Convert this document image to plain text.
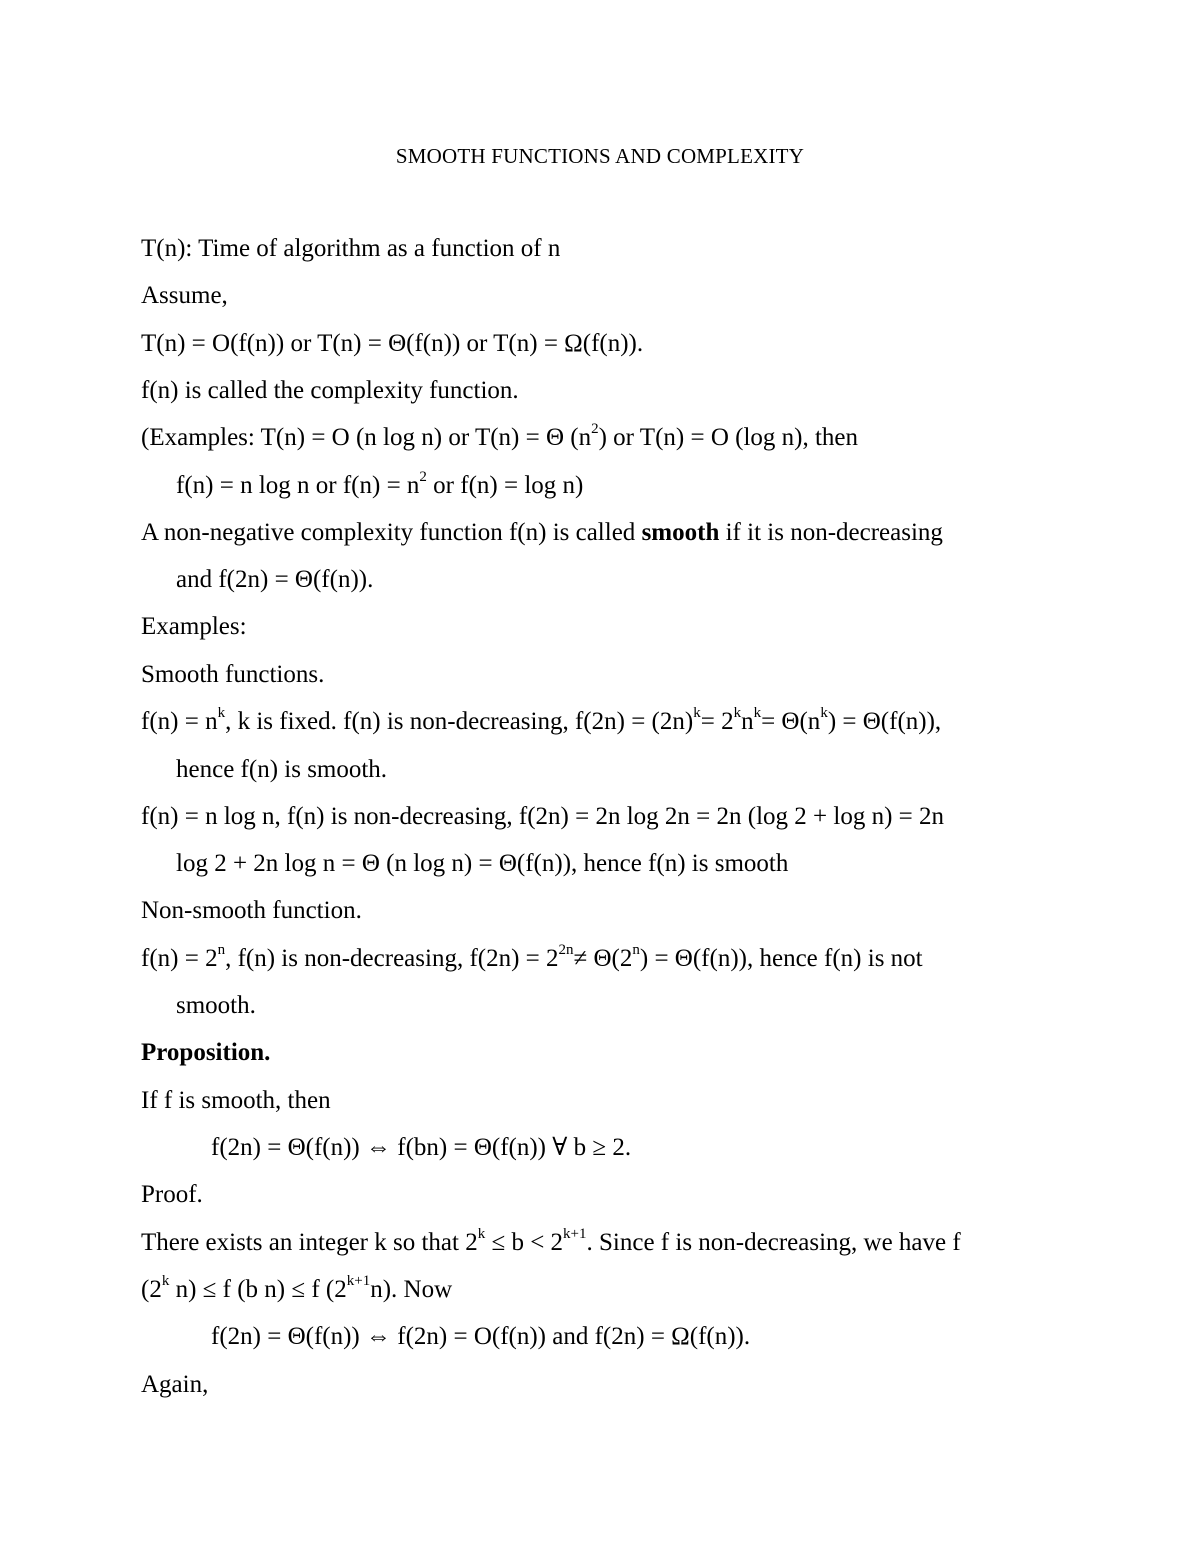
SMOOTH FUNCTIONS AND COMPLEXITY
T(n): Time of algorithm as a function of n
Assume,
T(n) = O(f(n)) or T(n) = Θ(f(n)) or T(n) = Ω(f(n)).
f(n) is called the complexity function.
(Examples: T(n) = O (n log n) or T(n) = Θ $(n^2)$ or T(n) = O (log n), then
f(n) = n log n or $f(n) = n^2$ or f(n) = log n)
A non-negative complexity function f(n) is called smooth if it is non-decreasing
and f(2n) = Θ(f(n)).
Examples:
Smooth functions.
$f(n) = n^k$, k is fixed. f(n) is non-decreasing, $f(2n) = (2n)^k= 2^kn^k= \Theta(n^k) = \Theta(f(n))$,
hence f(n) is smooth.
f(n) = n log n, f(n) is non-decreasing, f(2n) = 2n log 2n = 2n (log 2 + log n) = 2n
log 2 + 2n log n = Θ (n log n) = Θ(f(n)), hence f(n) is smooth
Non-smooth function.
$f(n) = 2^n$, f(n) is non-decreasing, $f(2n) = 2^{2n}\ne \Theta(2^n) = \Theta(f(n))$, hence f(n) is not
smooth.
Proposition.
If f is smooth, then
f(2n) = Θ(f(n)) ⇔ f(bn) = Θ(f(n)) ∀ b ≥ 2.
Proof.
There exists an integer k so that $2^k \le b < 2^{k+1}$. Since f is non-decreasing, we have f
(2$^k$ n) ≤ f (b n) ≤ f $(2^{k+1}n)$. Now
f(2n) = Θ(f(n)) ⇔ f(2n) = O(f(n)) and f(2n) = Ω(f(n)).
Again,
